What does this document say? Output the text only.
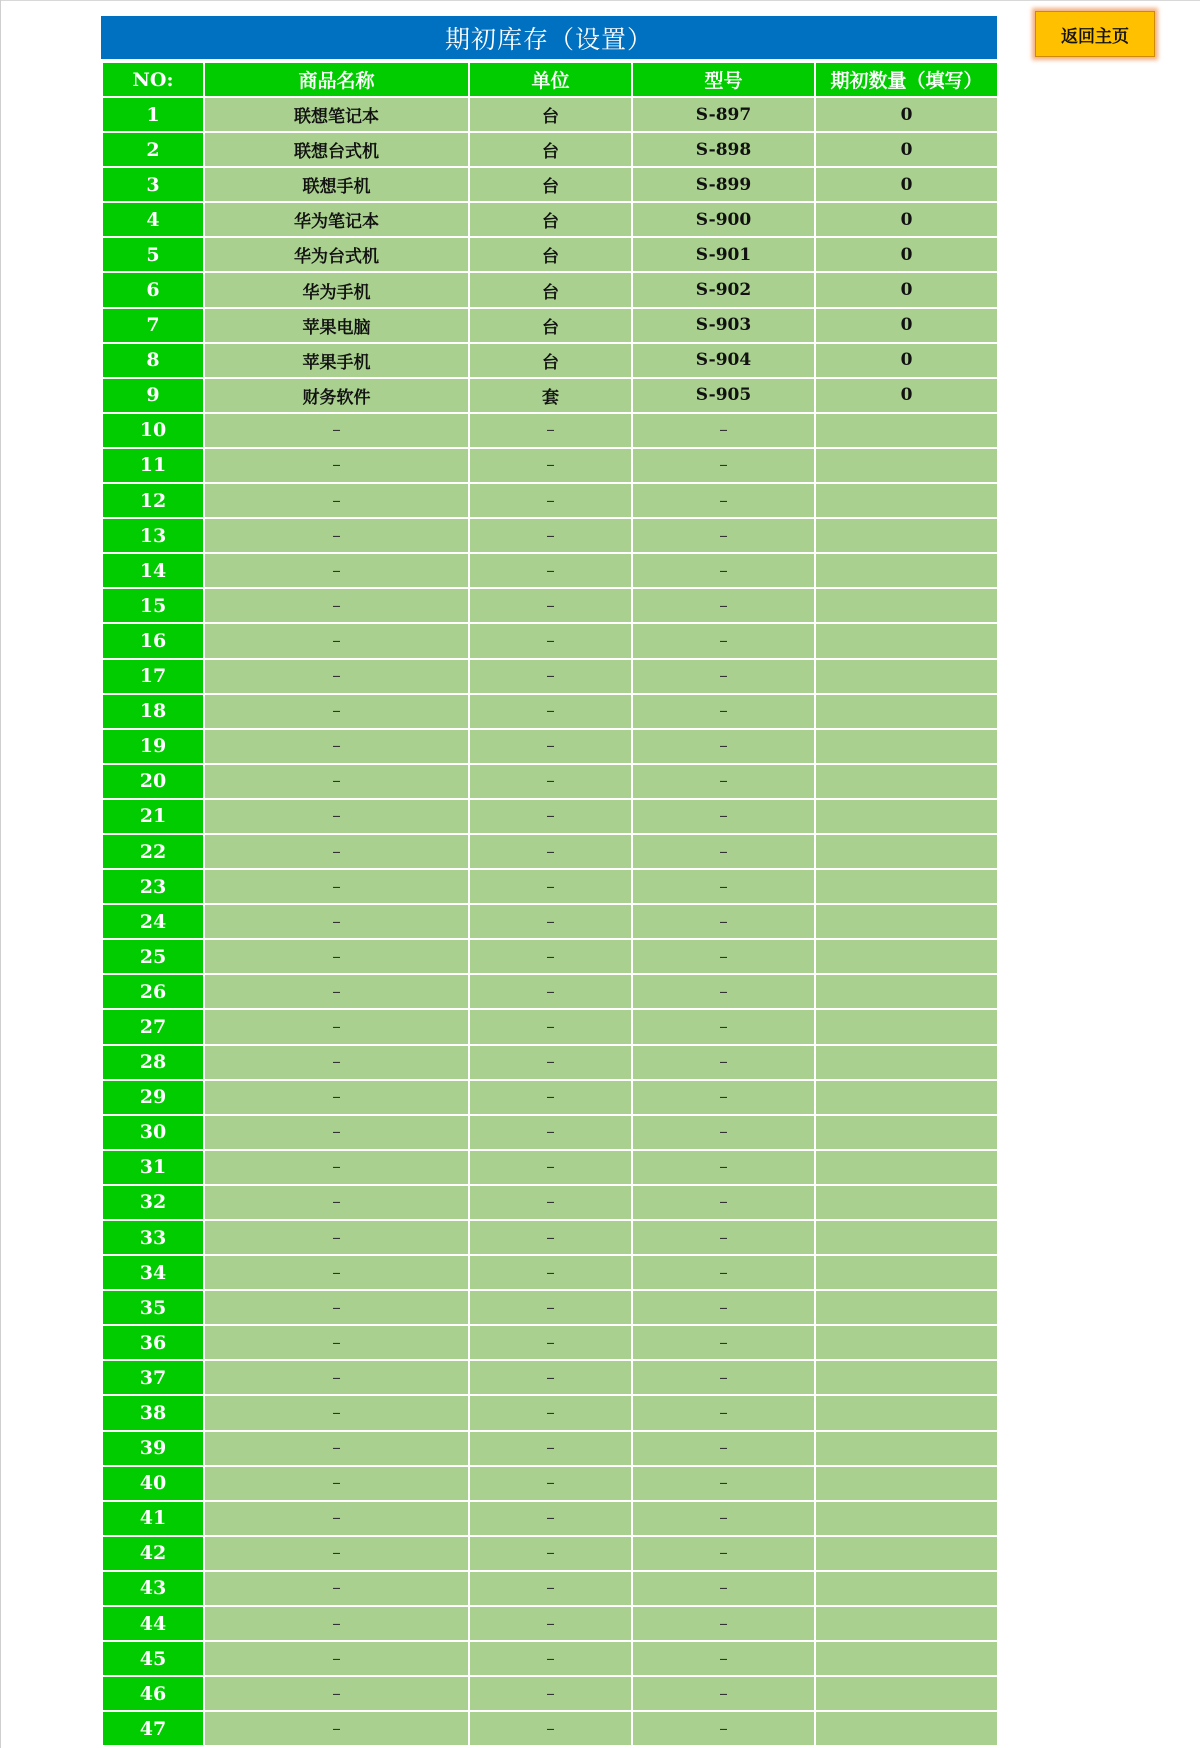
期初库存（设置）
NO:	商品名称	单位	型号	期初数量（填写）
1	联想笔记本	台	S-897	0
2	联想台式机	台	S-898	0
3	联想手机	台	S-899	0
4	华为笔记本	台	S-900	0
5	华为台式机	台	S-901	0
6	华为手机	台	S-902	0
7	苹果电脑	台	S-903	0
8	苹果手机	台	S-904	0
9	财务软件	套	S-905	0
10	–	–	–	
11	–	–	–	
12	–	–	–	
13	–	–	–	
14	–	–	–	
15	–	–	–	
16	–	–	–	
17	–	–	–	
18	–	–	–	
19	–	–	–	
20	–	–	–	
21	–	–	–	
22	–	–	–	
23	–	–	–	
24	–	–	–	
25	–	–	–	
26	–	–	–	
27	–	–	–	
28	–	–	–	
29	–	–	–	
30	–	–	–	
31	–	–	–	
32	–	–	–	
33	–	–	–	
34	–	–	–	
35	–	–	–	
36	–	–	–	
37	–	–	–	
38	–	–	–	
39	–	–	–	
40	–	–	–	
41	–	–	–	
42	–	–	–	
43	–	–	–	
44	–	–	–	
45	–	–	–	
46	–	–	–	
47	–	–	–	
返回主页
